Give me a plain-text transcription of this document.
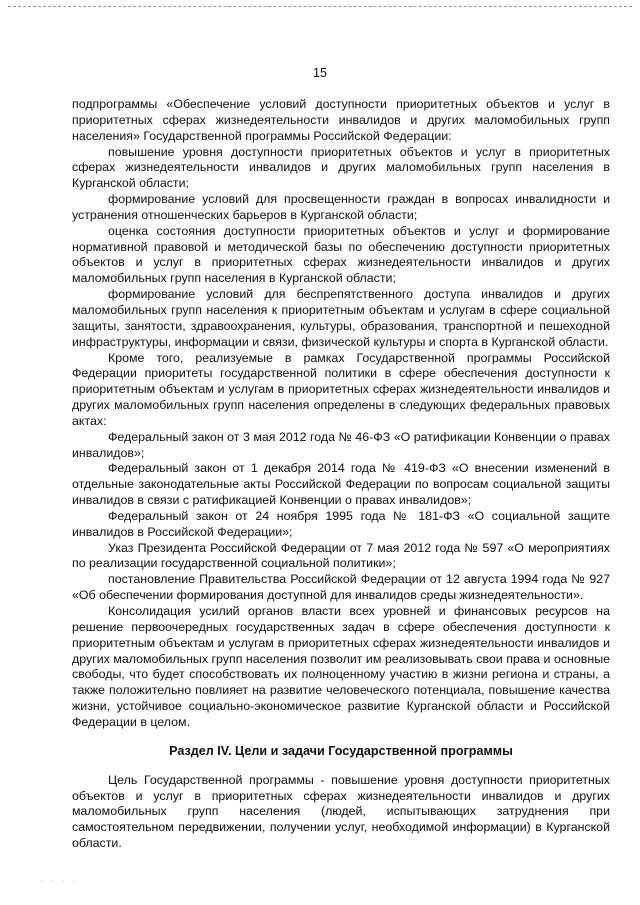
15

подпрограммы «Обеспечение условий доступности приоритетных объектов и услуг в приоритетных сферах жизнедеятельности инвалидов и других маломобильных групп населения» Государственной программы Российской Федерации:

повышение уровня доступности приоритетных объектов и услуг в приоритетных сферах жизнедеятельности инвалидов и других маломобильных групп населения в Курганской области;

формирование условий для просвещенности граждан в вопросах инвалидности и устранения отношенческих барьеров в Курганской области;

оценка состояния доступности приоритетных объектов и услуг и формирование нормативной правовой и методической базы по обеспечению доступности приоритетных объектов и услуг в приоритетных сферах жизнедеятельности инвалидов и других маломобильных групп населения в Курганской области;

формирование условий для беспрепятственного доступа инвалидов и других маломобильных групп населения к приоритетным объектам и услугам в сфере социальной защиты, занятости, здравоохранения, культуры, образования, транспортной и пешеходной инфраструктуры, информации и связи, физической культуры и спорта в Курганской области.

Кроме того, реализуемые в рамках Государственной программы Российской Федерации приоритеты государственной политики в сфере обеспечения доступности к приоритетным объектам и услугам в приоритетных сферах жизнедеятельности инвалидов и других маломобильных групп населения определены в следующих федеральных правовых актах:

Федеральный закон от 3 мая 2012 года № 46-ФЗ «О ратификации Конвенции о правах инвалидов»;

Федеральный закон от 1 декабря 2014 года № 419-ФЗ «О внесении изменений в отдельные законодательные акты Российской Федерации по вопросам социальной защиты инвалидов в связи с ратификацией Конвенции о правах инвалидов»;

Федеральный закон от 24 ноября 1995 года № 181-ФЗ «О социальной защите инвалидов в Российской Федерации»;

Указ Президента Российской Федерации от 7 мая 2012 года № 597 «О мероприятиях по реализации государственной социальной политики»;

постановление Правительства Российской Федерации от 12 августа 1994 года № 927 «Об обеспечении формирования доступной для инвалидов среды жизнедеятельности».

Консолидация усилий органов власти всех уровней и финансовых ресурсов на решение первоочередных государственных задач в сфере обеспечения доступности к приоритетным объектам и услугам в приоритетных сферах жизнедеятельности инвалидов и других маломобильных групп населения позволит им реализовывать свои права и основные свободы, что будет способствовать их полноценному участию в жизни региона и страны, а также положительно повлияет на развитие человеческого потенциала, повышение качества жизни, устойчивое социально-экономическое развитие Курганской области и Российской Федерации в целом.

Раздел IV. Цели и задачи Государственной программы

Цель Государственной программы - повышение уровня доступности приоритетных объектов и услуг в приоритетных сферах жизнедеятельности инвалидов и других маломобильных групп населения (людей, испытывающих затруднения при самостоятельном передвижении, получении услуг, необходимой информации) в Курганской области.

· · · ·
